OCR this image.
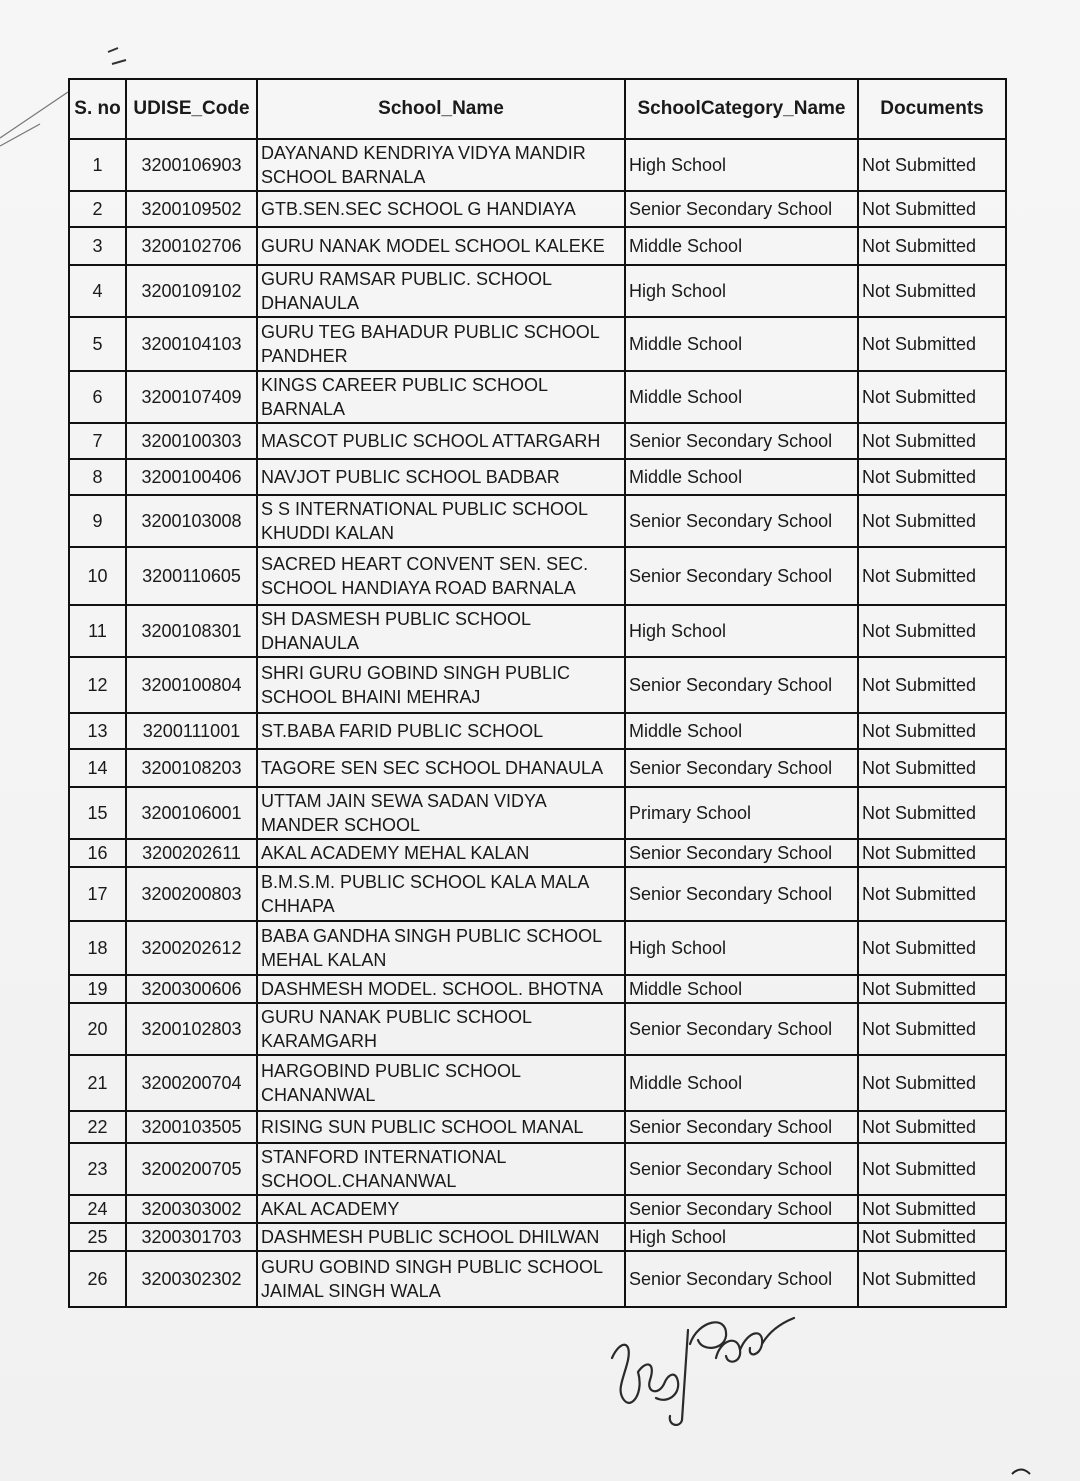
S. no	UDISE_Code	School_Name	SchoolCategory_Name	Documents
1	3200106903	DAYANAND KENDRIYA VIDYA MANDIR SCHOOL BARNALA	High School	Not Submitted
2	3200109502	GTB.SEN.SEC SCHOOL G HANDIAYA	Senior Secondary School	Not Submitted
3	3200102706	GURU NANAK MODEL SCHOOL KALEKE	Middle School	Not Submitted
4	3200109102	GURU RAMSAR PUBLIC. SCHOOL DHANAULA	High School	Not Submitted
5	3200104103	GURU TEG BAHADUR PUBLIC SCHOOL PANDHER	Middle School	Not Submitted
6	3200107409	KINGS CAREER PUBLIC SCHOOL BARNALA	Middle School	Not Submitted
7	3200100303	MASCOT PUBLIC SCHOOL ATTARGARH	Senior Secondary School	Not Submitted
8	3200100406	NAVJOT PUBLIC SCHOOL BADBAR	Middle School	Not Submitted
9	3200103008	S S INTERNATIONAL PUBLIC SCHOOL KHUDDI KALAN	Senior Secondary School	Not Submitted
10	3200110605	SACRED HEART CONVENT SEN. SEC. SCHOOL HANDIAYA ROAD BARNALA	Senior Secondary School	Not Submitted
11	3200108301	SH DASMESH PUBLIC SCHOOL DHANAULA	High School	Not Submitted
12	3200100804	SHRI GURU GOBIND SINGH PUBLIC SCHOOL BHAINI MEHRAJ	Senior Secondary School	Not Submitted
13	3200111001	ST.BABA FARID PUBLIC SCHOOL	Middle School	Not Submitted
14	3200108203	TAGORE SEN SEC SCHOOL DHANAULA	Senior Secondary School	Not Submitted
15	3200106001	UTTAM JAIN SEWA SADAN VIDYA MANDER SCHOOL	Primary School	Not Submitted
16	3200202611	AKAL ACADEMY MEHAL KALAN	Senior Secondary School	Not Submitted
17	3200200803	B.M.S.M. PUBLIC SCHOOL KALA MALA CHHAPA	Senior Secondary School	Not Submitted
18	3200202612	BABA GANDHA SINGH PUBLIC SCHOOL MEHAL KALAN	High School	Not Submitted
19	3200300606	DASHMESH MODEL. SCHOOL. BHOTNA	Middle School	Not Submitted
20	3200102803	GURU NANAK PUBLIC SCHOOL KARAMGARH	Senior Secondary School	Not Submitted
21	3200200704	HARGOBIND PUBLIC SCHOOL CHANANWAL	Middle School	Not Submitted
22	3200103505	RISING SUN PUBLIC SCHOOL MANAL	Senior Secondary School	Not Submitted
23	3200200705	STANFORD INTERNATIONAL SCHOOL.CHANANWAL	Senior Secondary School	Not Submitted
24	3200303002	AKAL ACADEMY	Senior Secondary School	Not Submitted
25	3200301703	DASHMESH PUBLIC SCHOOL DHILWAN	High School	Not Submitted
26	3200302302	GURU GOBIND SINGH PUBLIC SCHOOL JAIMAL SINGH WALA	Senior Secondary School	Not Submitted
